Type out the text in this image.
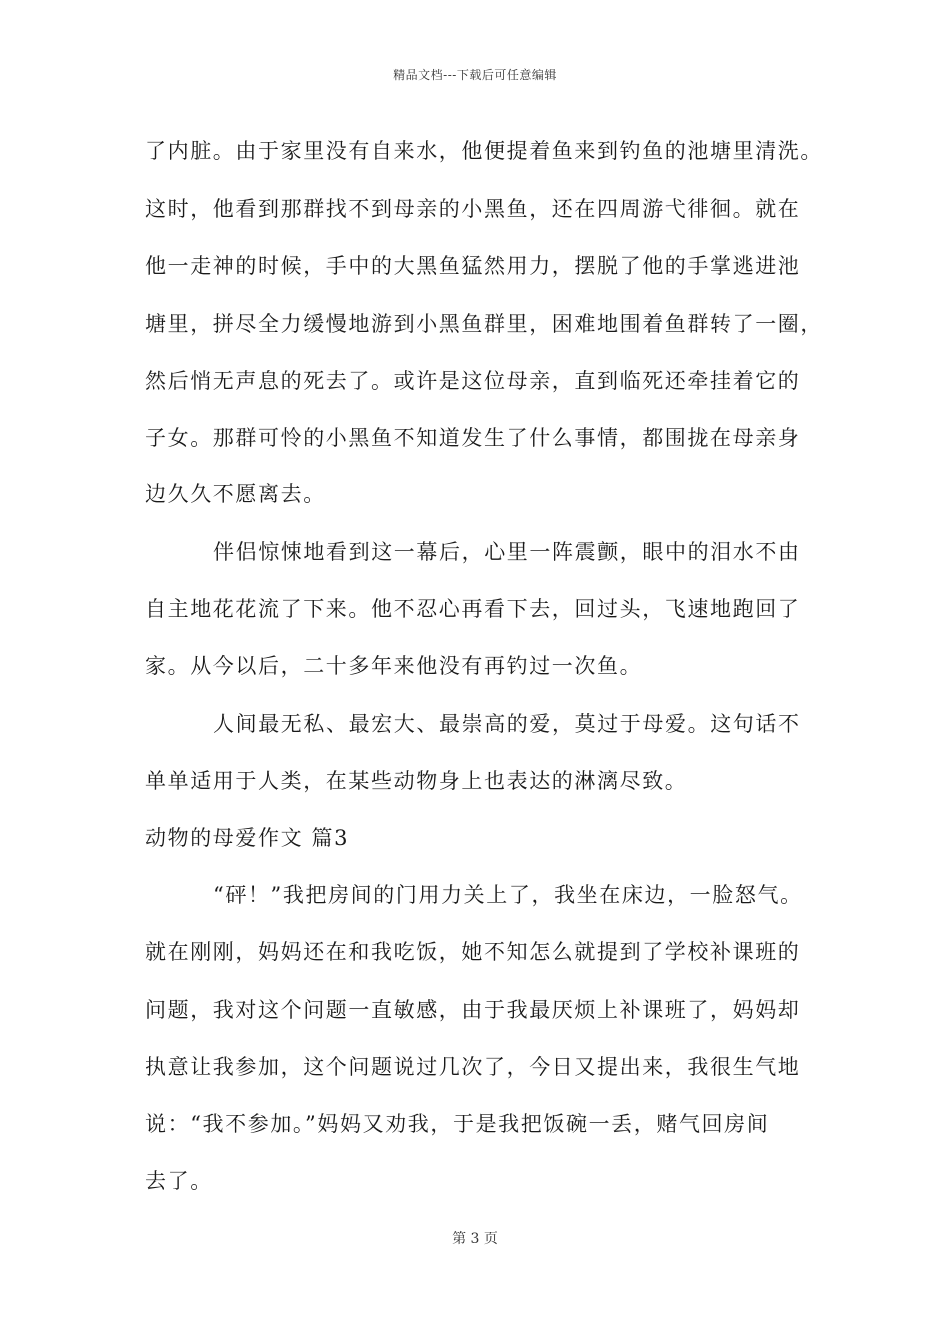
精品文档---下载后可任意编辑
了内脏。由于家里没有自来水，他便提着鱼来到钓鱼的池塘里清洗。
这时，他看到那群找不到母亲的小黑鱼，还在四周游弋徘徊。就在
他一走神的时候，手中的大黑鱼猛然用力，摆脱了他的手掌逃进池
塘里，拼尽全力缓慢地游到小黑鱼群里，困难地围着鱼群转了一圈，
然后悄无声息的死去了。或许是这位母亲，直到临死还牵挂着它的
子女。那群可怜的小黑鱼不知道发生了什么事情，都围拢在母亲身
边久久不愿离去。
伴侣惊悚地看到这一幕后，心里一阵震颤，眼中的泪水不由
自主地花花流了下来。他不忍心再看下去，回过头，飞速地跑回了
家。从今以后，二十多年来他没有再钓过一次鱼。
人间最无私、最宏大、最崇高的爱，莫过于母爱。这句话不
单单适用于人类，在某些动物身上也表达的淋漓尽致。
动物的母爱作文 篇3
“砰！”我把房间的门用力关上了，我坐在床边，一脸怒气。
就在刚刚，妈妈还在和我吃饭，她不知怎么就提到了学校补课班的
问题，我对这个问题一直敏感，由于我最厌烦上补课班了，妈妈却
执意让我参加，这个问题说过几次了，今日又提出来，我很生气地
说：“我不参加。”妈妈又劝我，于是我把饭碗一丢，赌气回房间
去了。
第 3 页
